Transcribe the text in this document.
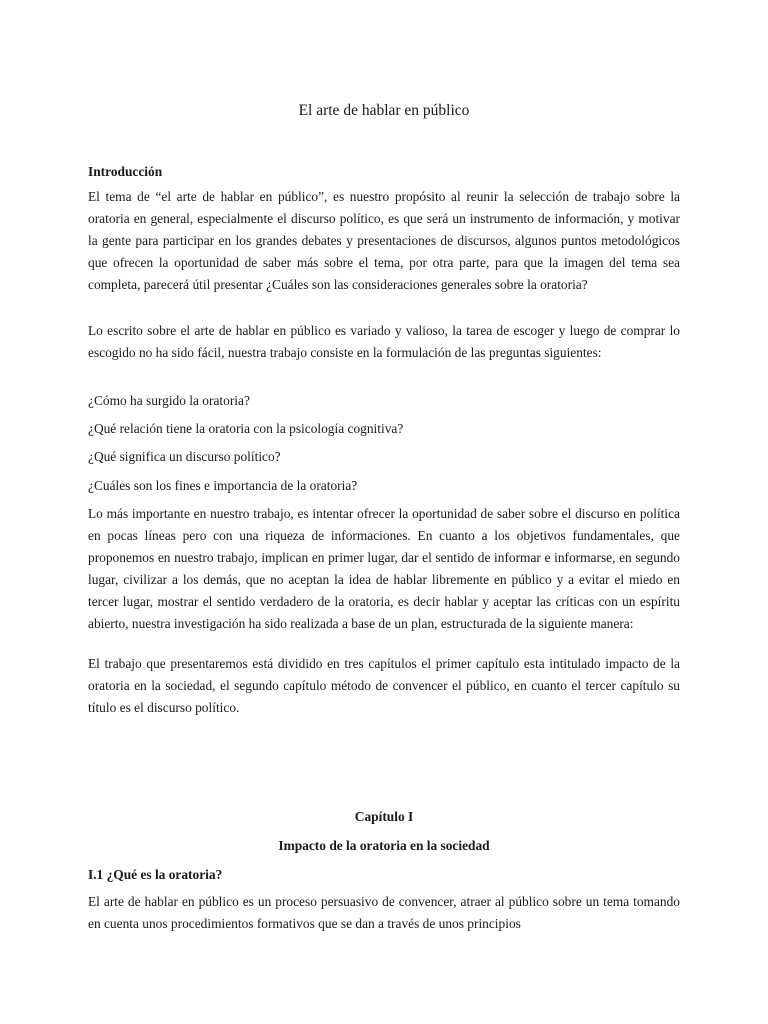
El arte de hablar en público
Introducción

El tema de “el arte de hablar en público”, es nuestro propósito al reunir la selección de trabajo sobre la oratoria en general, especialmente el discurso político, es que será un instrumento de información, y motivar la gente para participar en los grandes debates y presentaciones de discursos, algunos puntos metodológicos que ofrecen la oportunidad de saber más sobre el tema, por otra parte, para que la imagen del tema sea completa, parecerá útil presentar ¿Cuáles son las consideraciones generales sobre la oratoria?

Lo escrito sobre el arte de hablar en público es variado y valioso, la tarea de escoger y luego de comprar lo escogido no ha sido fácil, nuestra trabajo consiste en la formulación de las preguntas siguientes:

¿Cómo ha surgido la oratoria?

¿Qué relación tiene la oratoria con la psicología cognitiva?

¿Qué significa un discurso político?

¿Cuáles son los fines e importancia de la oratoria?

Lo más importante en nuestro trabajo, es intentar ofrecer la oportunidad de saber sobre el discurso en política en pocas líneas pero con una riqueza de informaciones. En cuanto a los objetivos fundamentales, que proponemos en nuestro trabajo, implican en primer lugar, dar el sentido de informar e informarse, en segundo lugar, civilizar a los demás, que no aceptan la idea de hablar libremente en público y a evitar el miedo en tercer lugar, mostrar el sentido verdadero de la oratoria, es decir hablar y aceptar las críticas con un espíritu abierto, nuestra investigación ha sido realizada a base de un plan, estructurada de la siguiente manera:

El trabajo que presentaremos está dividido en tres capítulos el primer capítulo esta intitulado impacto de la oratoria en la sociedad, el segundo capítulo método de convencer el público, en cuanto el tercer capítulo su título es el discurso político.

Capítulo I
Impacto de la oratoria en la sociedad
I.1 ¿Qué es la oratoria?

El arte de hablar en público es un proceso persuasivo de convencer, atraer al público sobre un tema tomando en cuenta unos procedimientos formativos que se dan a través de unos principios
